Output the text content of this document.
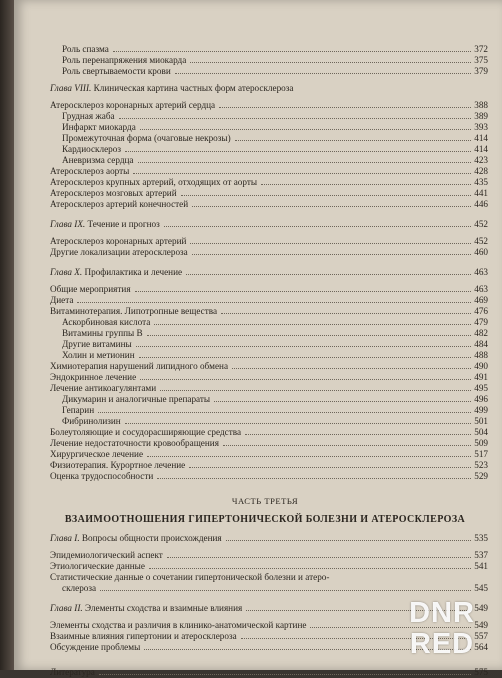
Роль спазма	372
Роль перенапряжения миокарда	375
Роль свертываемости крови	379
Глава VIII. Клиническая картина частных форм атеросклероза
Атеросклероз коронарных артерий сердца	388
Грудная жаба	389
Инфаркт миокарда	393
Промежуточная форма (очаговые некрозы)	414
Кардиосклероз	414
Аневризма сердца	423
Атеросклероз аорты	428
Атеросклероз крупных артерий, отходящих от аорты	435
Атеросклероз мозговых артерий	441
Атеросклероз артерий конечностей	446
Глава IX. Течение и прогноз	452
Атеросклероз коронарных артерий	452
Другие локализации атеросклероза	460
Глава X. Профилактика и лечение	463
Общие мероприятия	463
Диета	469
Витаминотерапия. Липотропные вещества	476
Аскорбиновая кислота	479
Витамины группы В	482
Другие витамины	484
Холин и метионин	488
Химиотерапия нарушений липидного обмена	490
Эндокринное лечение	491
Лечение антикоагулянтами	495
Дикумарин и аналогичные препараты	496
Гепарин	499
Фибринолизин	501
Болеутоляющие и сосудорасширяющие средства	504
Лечение недостаточности кровообращения	509
Хирургическое лечение	517
Физиотерапия. Курортное лечение	523
Оценка трудоспособности	529
ЧАСТЬ ТРЕТЬЯ
ВЗАИМООТНОШЕНИЯ ГИПЕРТОНИЧЕСКОЙ БОЛЕЗНИ И АТЕРОСКЛЕРОЗА
Глава I. Вопросы общности происхождения	535
Эпидемиологический аспект	537
Этиологические данные	541
Статистические данные о сочетании гипертонической болезни и атеро-
склероза	545
Глава II. Элементы сходства и взаимные влияния	549
Элементы сходства и различия в клинико-анатомической картине	549
Взаимные влияния гипертонии и атеросклероза	557
Обсуждение проблемы	564
Литература	575
DNR
RED
